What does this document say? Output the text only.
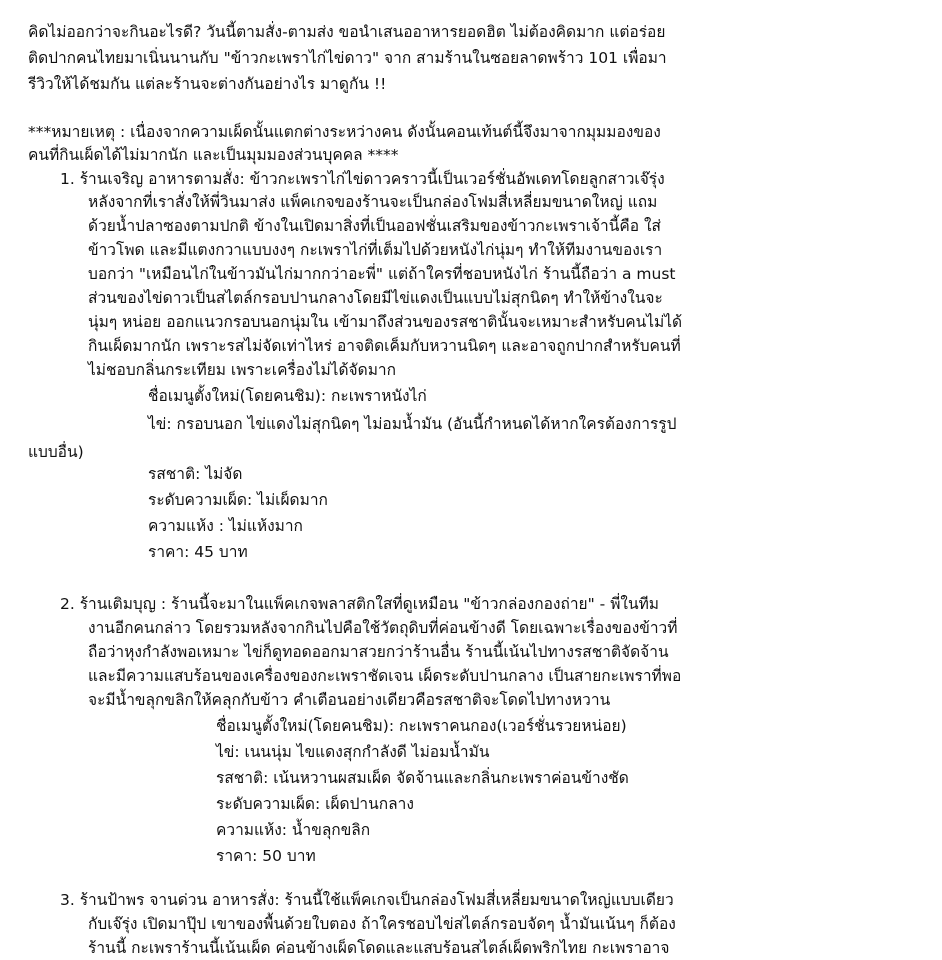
คิดไม่ออกว่าจะกินอะไรดี? วันนี้ตามสั่ง-ตามส่ง ขอนำเสนออาหารยอดฮิต ไม่ต้องคิดมาก แต่อร่อย
ติดปากคนไทยมาเนิ่นนานกับ "ข้าวกะเพราไก่ไข่ดาว" จาก สามร้านในซอยลาดพร้าว 101 เพื่อมา
รีวิวให้ได้ชมกัน แต่ละร้านจะต่างกันอย่างไร มาดูกัน !!
***หมายเหตุ : เนื่องจากความเผ็ดนั้นแตกต่างระหว่างคน ดังนั้นคอนเท้นต์นี้จึงมาจากมุมมองของ
คนที่กินเผ็ดได้ไม่มากนัก และเป็นมุมมองส่วนบุคคล ****
1. ร้านเจริญ อาหารตามสั่ง: ข้าวกะเพราไก่ไข่ดาวคราวนี้เป็นเวอร์ชั่นอัพเดทโดยลูกสาวเจ๊รุ่ง
หลังจากที่เราสั่งให้พี่วินมาส่ง แพ็คเกจของร้านจะเป็นกล่องโฟมสี่เหลี่ยมขนาดใหญ่ แถม
ด้วยน้ำปลาซองตามปกติ ข้างในเปิดมาสิ่งที่เป็นออฟชั่นเสริมของข้าวกะเพราเจ้านี้คือ ใส่
ข้าวโพด และมีแตงกวาแบบงงๆ กะเพราไก่ที่เต็มไปด้วยหนังไก่นุ่มๆ ทำให้ทีมงานของเรา
บอกว่า "เหมือนไก่ในข้าวมันไก่มากกว่าอะพี่" แต่ถ้าใครที่ชอบหนังไก่ ร้านนี้ถือว่า a must
ส่วนของไข่ดาวเป็นสไตล์กรอบปานกลางโดยมีไข่แดงเป็นแบบไม่สุกนิดๆ ทำให้ข้างในจะ
นุ่มๆ หน่อย ออกแนวกรอบนอกนุ่มใน เข้ามาถึงส่วนของรสชาตินั้นจะเหมาะสำหรับคนไม่ได้
กินเผ็ดมากนัก เพราะรสไม่จัดเท่าไหร่ อาจติดเค็มกับหวานนิดๆ และอาจถูกปากสำหรับคนที่
ไม่ชอบกลิ่นกระเทียม เพราะเครื่องไม่ได้จัดมาก
ชื่อเมนูตั้งใหม่(โดยคนชิม): กะเพราหนังไก่
ไข่: กรอบนอก ไข่แดงไม่สุกนิดๆ ไม่อมน้ำมัน (อันนี้กำหนดได้หากใครต้องการรูป
แบบอื่น)
รสชาติ: ไม่จัด
ระดับความเผ็ด: ไม่เผ็ดมาก
ความแห้ง : ไม่แห้งมาก
ราคา: 45 บาท
2. ร้านเติมบุญ : ร้านนี้จะมาในแพ็คเกจพลาสติกใสที่ดูเหมือน "ข้าวกล่องกองถ่าย" - พี่ในทีม
งานอีกคนกล่าว โดยรวมหลังจากกินไปคือใช้วัตถุดิบที่ค่อนข้างดี โดยเฉพาะเรื่องของข้าวที่
ถือว่าหุงกำลังพอเหมาะ ไข่ก็ดูทอดออกมาสวยกว่าร้านอื่น ร้านนี้เน้นไปทางรสชาติจัดจ้าน
และมีความแสบร้อนของเครื่องของกะเพราชัดเจน เผ็ดระดับปานกลาง เป็นสายกะเพราที่พอ
จะมีน้ำขลุกขลิกให้คลุกกับข้าว คำเตือนอย่างเดียวคือรสชาติจะโดดไปทางหวาน
ชื่อเมนูตั้งใหม่(โดยคนชิม): กะเพราคนกอง(เวอร์ชั่นรวยหน่อย)
ไข่: เนนนุ่ม ไขแดงสุกกำลังดี ไม่อมน้ำมัน
รสชาติ: เน้นหวานผสมเผ็ด จัดจ้านและกลิ่นกะเพราค่อนข้างชัด
ระดับความเผ็ด: เผ็ดปานกลาง
ความแห้ง: น้ำขลุกขลิก
ราคา: 50 บาท
3. ร้านป้าพร จานด่วน อาหารสั่ง: ร้านนี้ใช้แพ็คเกจเป็นกล่องโฟมสี่เหลี่ยมขนาดใหญ่แบบเดียว
กับเจ๊รุ่ง เปิดมาปุ๊ป เขาของพื้นด้วยใบตอง ถ้าใครชอบไข่สไตล์กรอบจัดๆ น้ำมันเน้นๆ ก็ต้อง
ร้านนี้ กะเพราร้านนี้เน้นเผ็ด ค่อนข้างเผ็ดโดดและแสบร้อนสไตล์เผ็ดพริกไทย กะเพราอาจ
